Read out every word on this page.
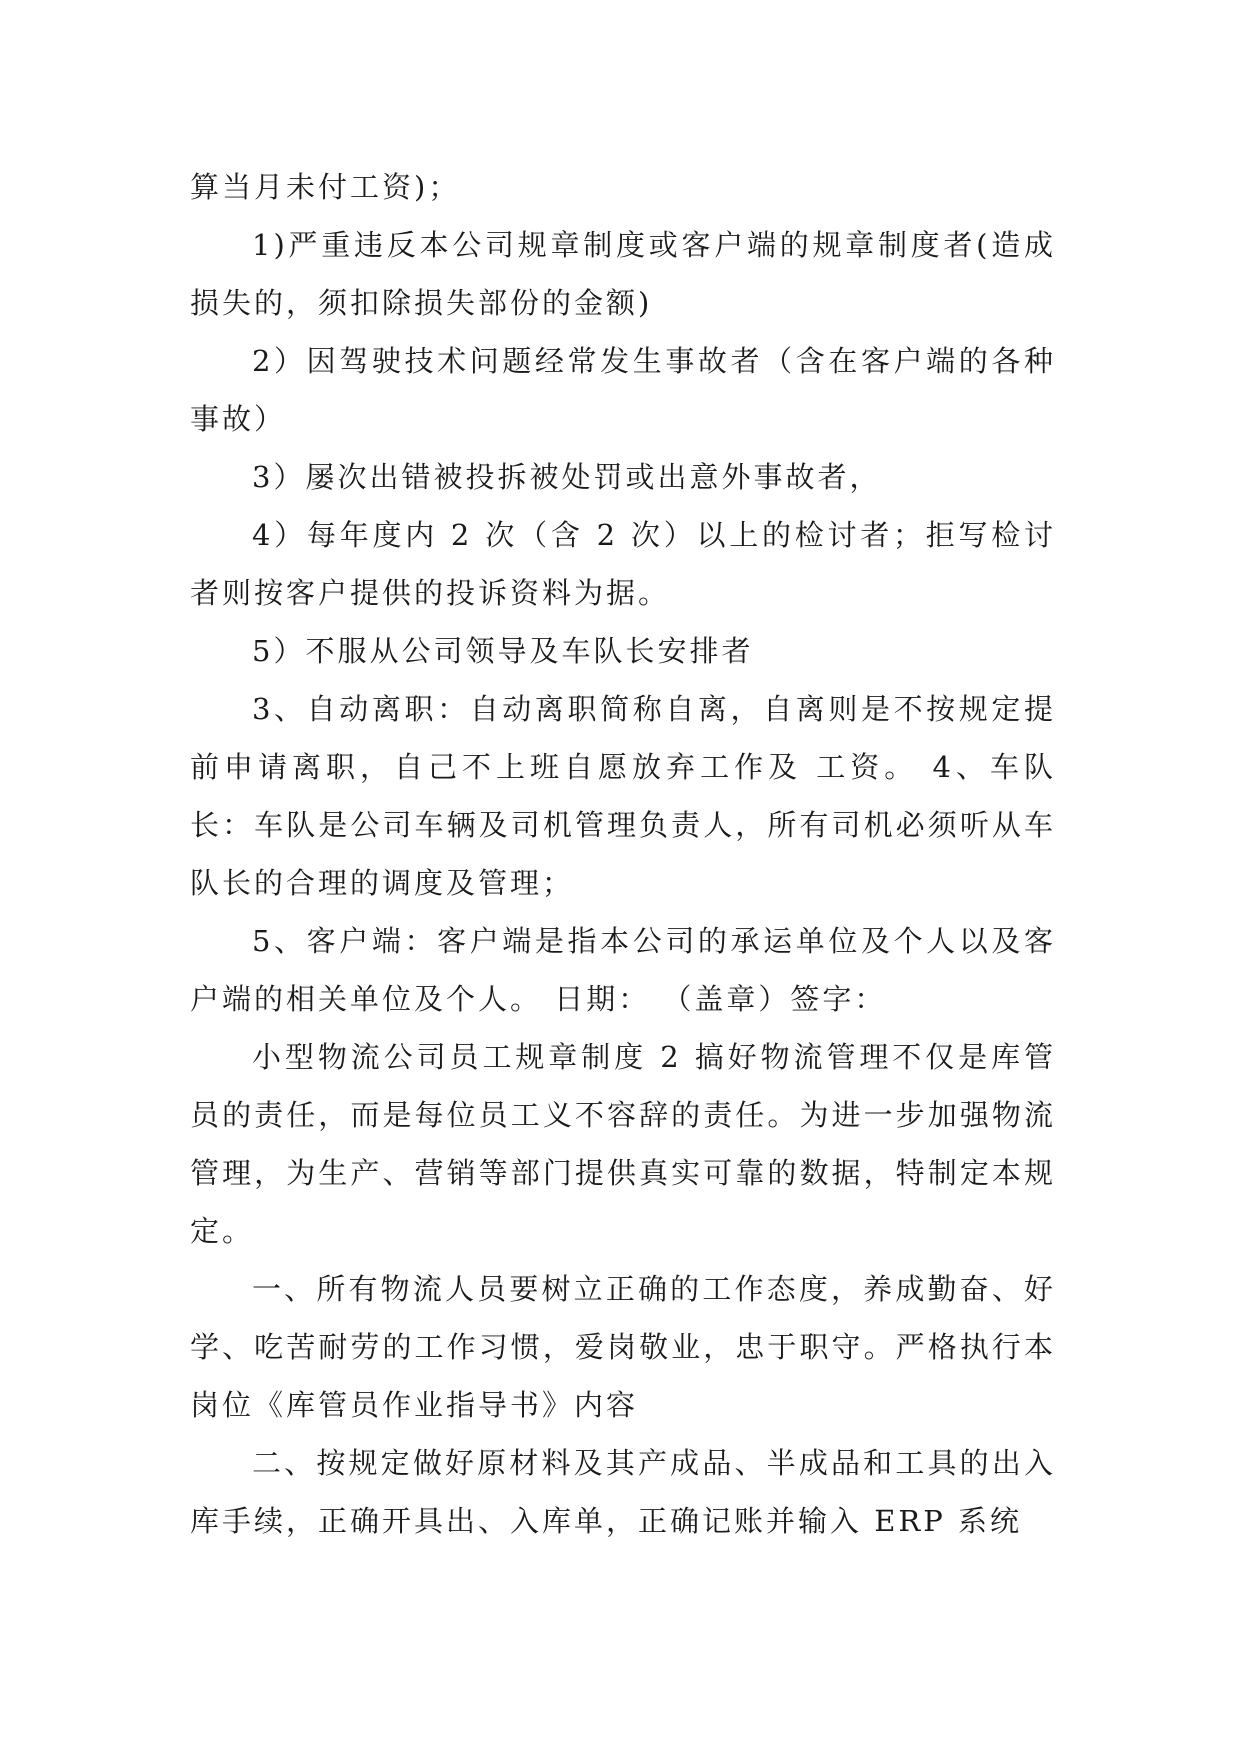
算当月未付工资)；

1)严重违反本公司规章制度或客户端的规章制度者(造成损失的，须扣除损失部份的金额)

2）因驾驶技术问题经常发生事故者（含在客户端的各种事故）

3）屡次出错被投拆被处罚或出意外事故者，

4）每年度内 2 次（含 2 次）以上的检讨者；拒写检讨者则按客户提供的投诉资料为据。

5）不服从公司领导及车队长安排者

3、自动离职：自动离职简称自离，自离则是不按规定提前申请离职，自己不上班自愿放弃工作及 工资。 4、车队长：车队是公司车辆及司机管理负责人，所有司机必须听从车队长的合理的调度及管理；

5、客户端：客户端是指本公司的承运单位及个人以及客户端的相关单位及个人。 日期： （盖章）签字：

小型物流公司员工规章制度 2 搞好物流管理不仅是库管员的责任，而是每位员工义不容辞的责任。为进一步加强物流管理，为生产、营销等部门提供真实可靠的数据，特制定本规定。

一、所有物流人员要树立正确的工作态度，养成勤奋、好学、吃苦耐劳的工作习惯，爱岗敬业，忠于职守。严格执行本岗位《库管员作业指导书》内容

二、按规定做好原材料及其产成品、半成品和工具的出入库手续，正确开具出、入库单，正确记账并输入 ERP 系统
